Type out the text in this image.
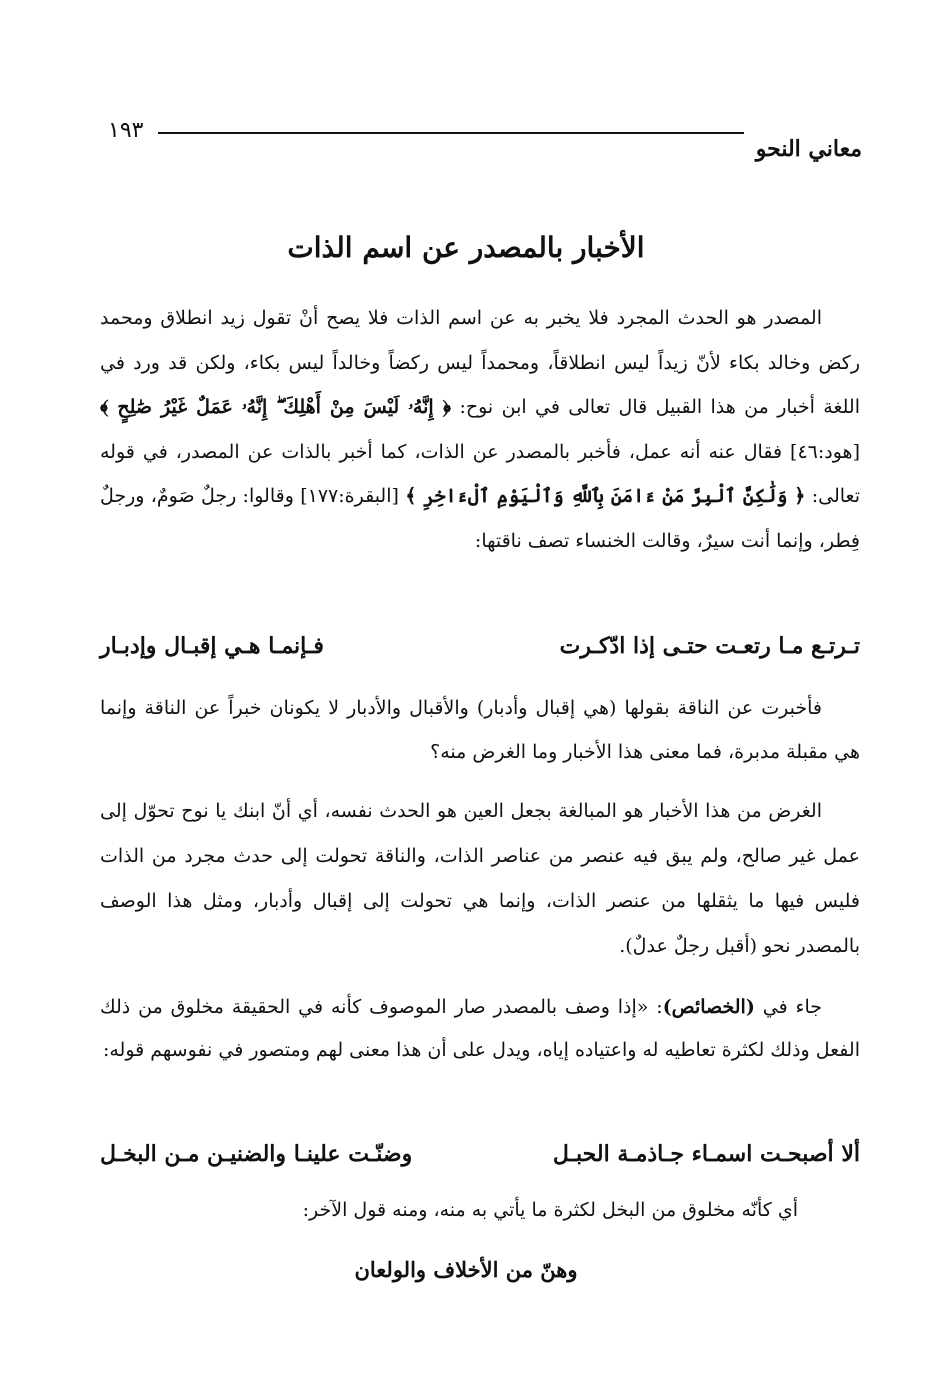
١٩٣
معاني النحو
الأخبار بالمصدر عن اسم الذات
المصدر هو الحدث المجرد فلا يخبر به عن اسم الذات فلا يصح أنْ تقول زيد انطلاق ومحمد ركض وخالد بكاء لأنّ زيداً ليس انطلاقاً، ومحمداً ليس ركضاً وخالداً ليس بكاء، ولكن قد ورد في اللغة أخبار من هذا القبيل قال تعالى في ابن نوح: ﴿ إِنَّهُۥ لَيْسَ مِنْ أَهْلِكَ ۖ إِنَّهُۥ عَمَلٌ غَيْرُ صَٰلِحٍ ﴾ [هود:٤٦] فقال عنه أنه عمل، فأخبر بالمصدر عن الذات، كما أخبر بالذات عن المصدر، في قوله تعالى: ﴿ وَلَٰكِنَّ ٱلْبِرَّ مَنْ ءَامَنَ بِٱللَّهِ وَٱلْيَوْمِ ٱلْءَاخِرِ ﴾ [البقرة:١٧٧] وقالوا: رجلٌ صَومٌ، ورجلٌ فِطر، وإنما أنت سيرٌ، وقالت الخنساء تصف ناقتها:
تـرتـع مـا رتعـت حتـى إذا ادّكـرت
فـإنمـا هـي إقبـال وإدبـار
فأخبرت عن الناقة بقولها (هي إقبال وأدبار) والأقبال والأدبار لا يكونان خبراً عن الناقة وإنما هي مقبلة مدبرة، فما معنى هذا الأخبار وما الغرض منه؟
الغرض من هذا الأخبار هو المبالغة بجعل العين هو الحدث نفسه، أي أنّ ابنك يا نوح تحوّل إلى عمل غير صالح، ولم يبق فيه عنصر من عناصر الذات، والناقة تحولت إلى حدث مجرد من الذات فليس فيها ما يثقلها من عنصر الذات، وإنما هي تحولت إلى إقبال وأدبار، ومثل هذا الوصف بالمصدر نحو (أقبل رجلٌ عدلٌ).
جاء في (الخصائص): «إذا وصف بالمصدر صار الموصوف كأنه في الحقيقة مخلوق من ذلك الفعل وذلك لكثرة تعاطيه له واعتياده إياه، ويدل على أن هذا معنى لهم ومتصور في نفوسهم قوله:
ألا أصبحـت اسمـاء جـاذمـة الحبـل
وضنّـت علينـا والضنيـن مـن البخـل
أي كأنّه مخلوق من البخل لكثرة ما يأتي به منه، ومنه قول الآخر:
وهنّ من الأخلاف والولعان
